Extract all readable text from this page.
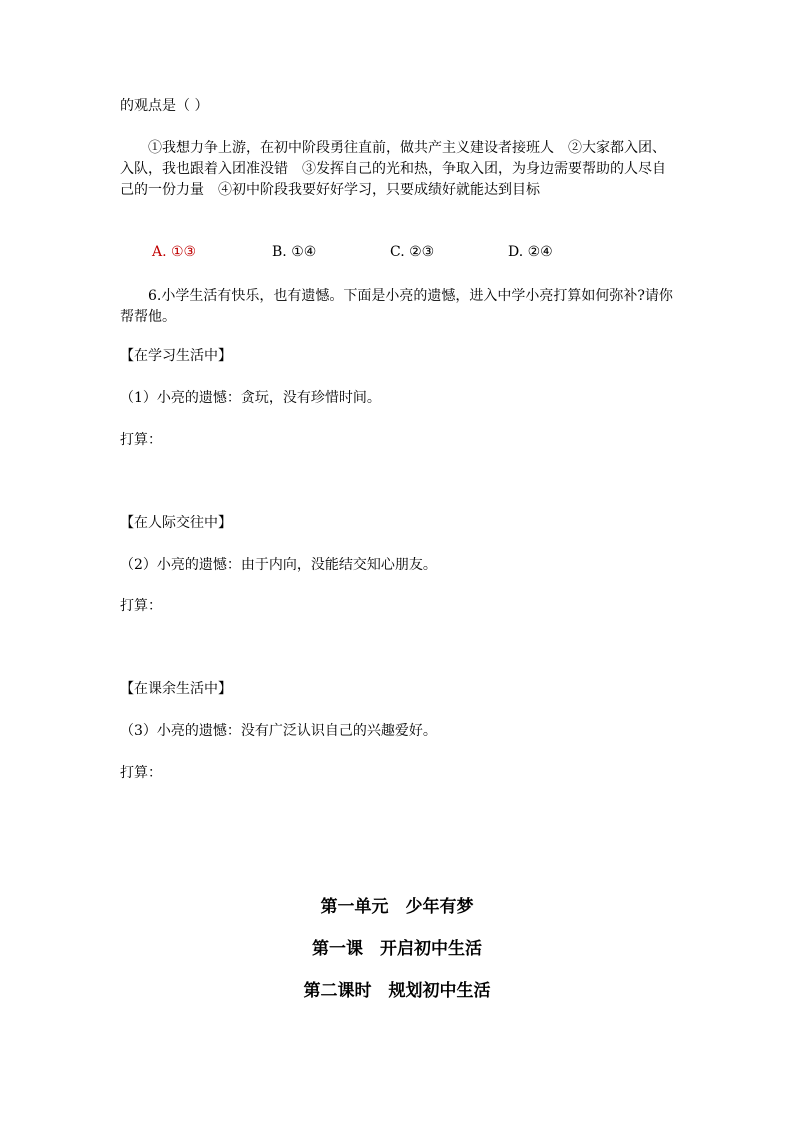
的观点是（ ）
①我想力争上游，在初中阶段勇往直前，做共产主义建设者接班人　②大家都入团、入队，我也跟着入团准没错　③发挥自己的光和热，争取入团，为身边需要帮助的人尽自己的一份力量　④初中阶段我要好好学习，只要成绩好就能达到目标
A. ①③	B. ①④	C. ②③	D. ②④
6.小学生活有快乐，也有遗憾。下面是小亮的遗憾，进入中学小亮打算如何弥补?请你帮帮他。
【在学习生活中】
（1）小亮的遗憾：贪玩，没有珍惜时间。
打算：
【在人际交往中】
（2）小亮的遗憾：由于内向，没能结交知心朋友。
打算：
【在课余生活中】
（3）小亮的遗憾：没有广泛认识自己的兴趣爱好。
打算：
第一单元　少年有梦
第一课　开启初中生活
第二课时　规划初中生活
